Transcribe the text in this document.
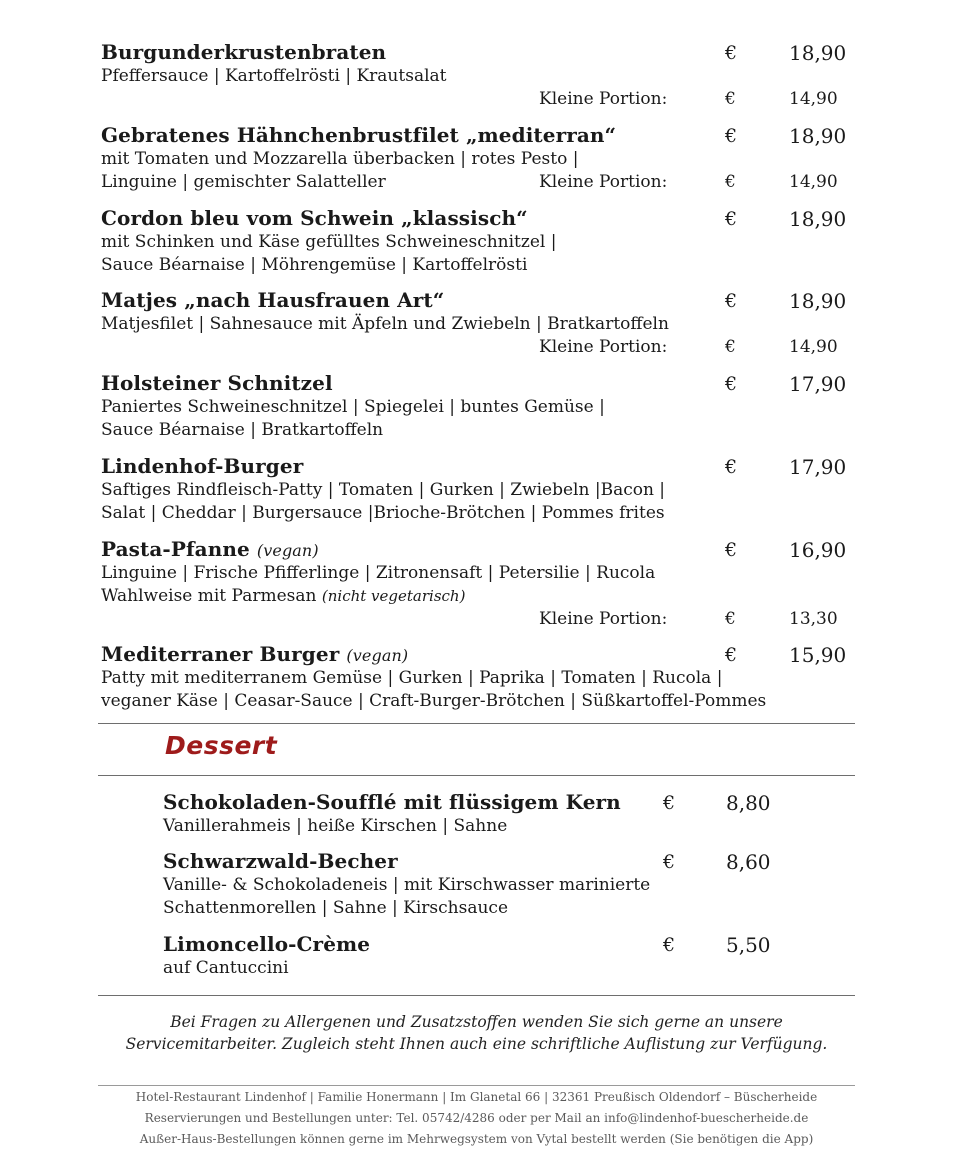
Burgunderkrustenbraten	€	18,90
Pfeffersauce | Kartoffelrösti | Krautsalat
Kleine Portion:	€	14,90
Gebratenes Hähnchenbrustfilet „mediterran“	€	18,90
mit Tomaten und Mozzarella überbacken | rotes Pesto |
Linguine | gemischter Salatteller	Kleine Portion:	€	14,90
Cordon bleu vom Schwein „klassisch“	€	18,90
mit Schinken und Käse gefülltes Schweineschnitzel |
Sauce Béarnaise | Möhrengemüse | Kartoffelrösti
Matjes „nach Hausfrauen Art“	€	18,90
Matjesfilet | Sahnesauce mit Äpfeln und Zwiebeln | Bratkartoffeln
Kleine Portion:	€	14,90
Holsteiner Schnitzel	€	17,90
Paniertes Schweineschnitzel | Spiegelei | buntes Gemüse |
Sauce Béarnaise | Bratkartoffeln
Lindenhof-Burger	€	17,90
Saftiges Rindfleisch-Patty | Tomaten | Gurken | Zwiebeln |Bacon |
Salat | Cheddar | Burgersauce |Brioche-Brötchen | Pommes frites
Pasta-Pfanne (vegan)	€	16,90
Linguine | Frische Pfifferlinge | Zitronensaft | Petersilie | Rucola
Wahlweise mit Parmesan (nicht vegetarisch)
Kleine Portion:	€	13,30
Mediterraner Burger (vegan)	€	15,90
Patty mit mediterranem Gemüse | Gurken | Paprika | Tomaten | Rucola |
veganer Käse | Ceasar-Sauce | Craft-Burger-Brötchen | Süßkartoffel-Pommes
Dessert
Schokoladen-Soufflé mit flüssigem Kern €	8,80
Vanillerahmeis | heiße Kirschen | Sahne
Schwarzwald-Becher	€	8,60
Vanille- & Schokoladeneis | mit Kirschwasser marinierte
Schattenmorellen | Sahne | Kirschsauce
Limoncello-Crème	€	5,50
auf Cantuccini
Bei Fragen zu Allergenen und Zusatzstoffen wenden Sie sich gerne an unsere
Servicemitarbeiter. Zugleich steht Ihnen auch eine schriftliche Auflistung zur Verfügung.
Hotel-Restaurant Lindenhof | Familie Honermann | Im Glanetal 66 | 32361 Preußisch Oldendorf – Büscherheide
Reservierungen und Bestellungen unter: Tel. 05742/4286 oder per Mail an info@lindenhof-buescherheide.de
Außer-Haus-Bestellungen können gerne im Mehrwegsystem von Vytal bestellt werden (Sie benötigen die App)
